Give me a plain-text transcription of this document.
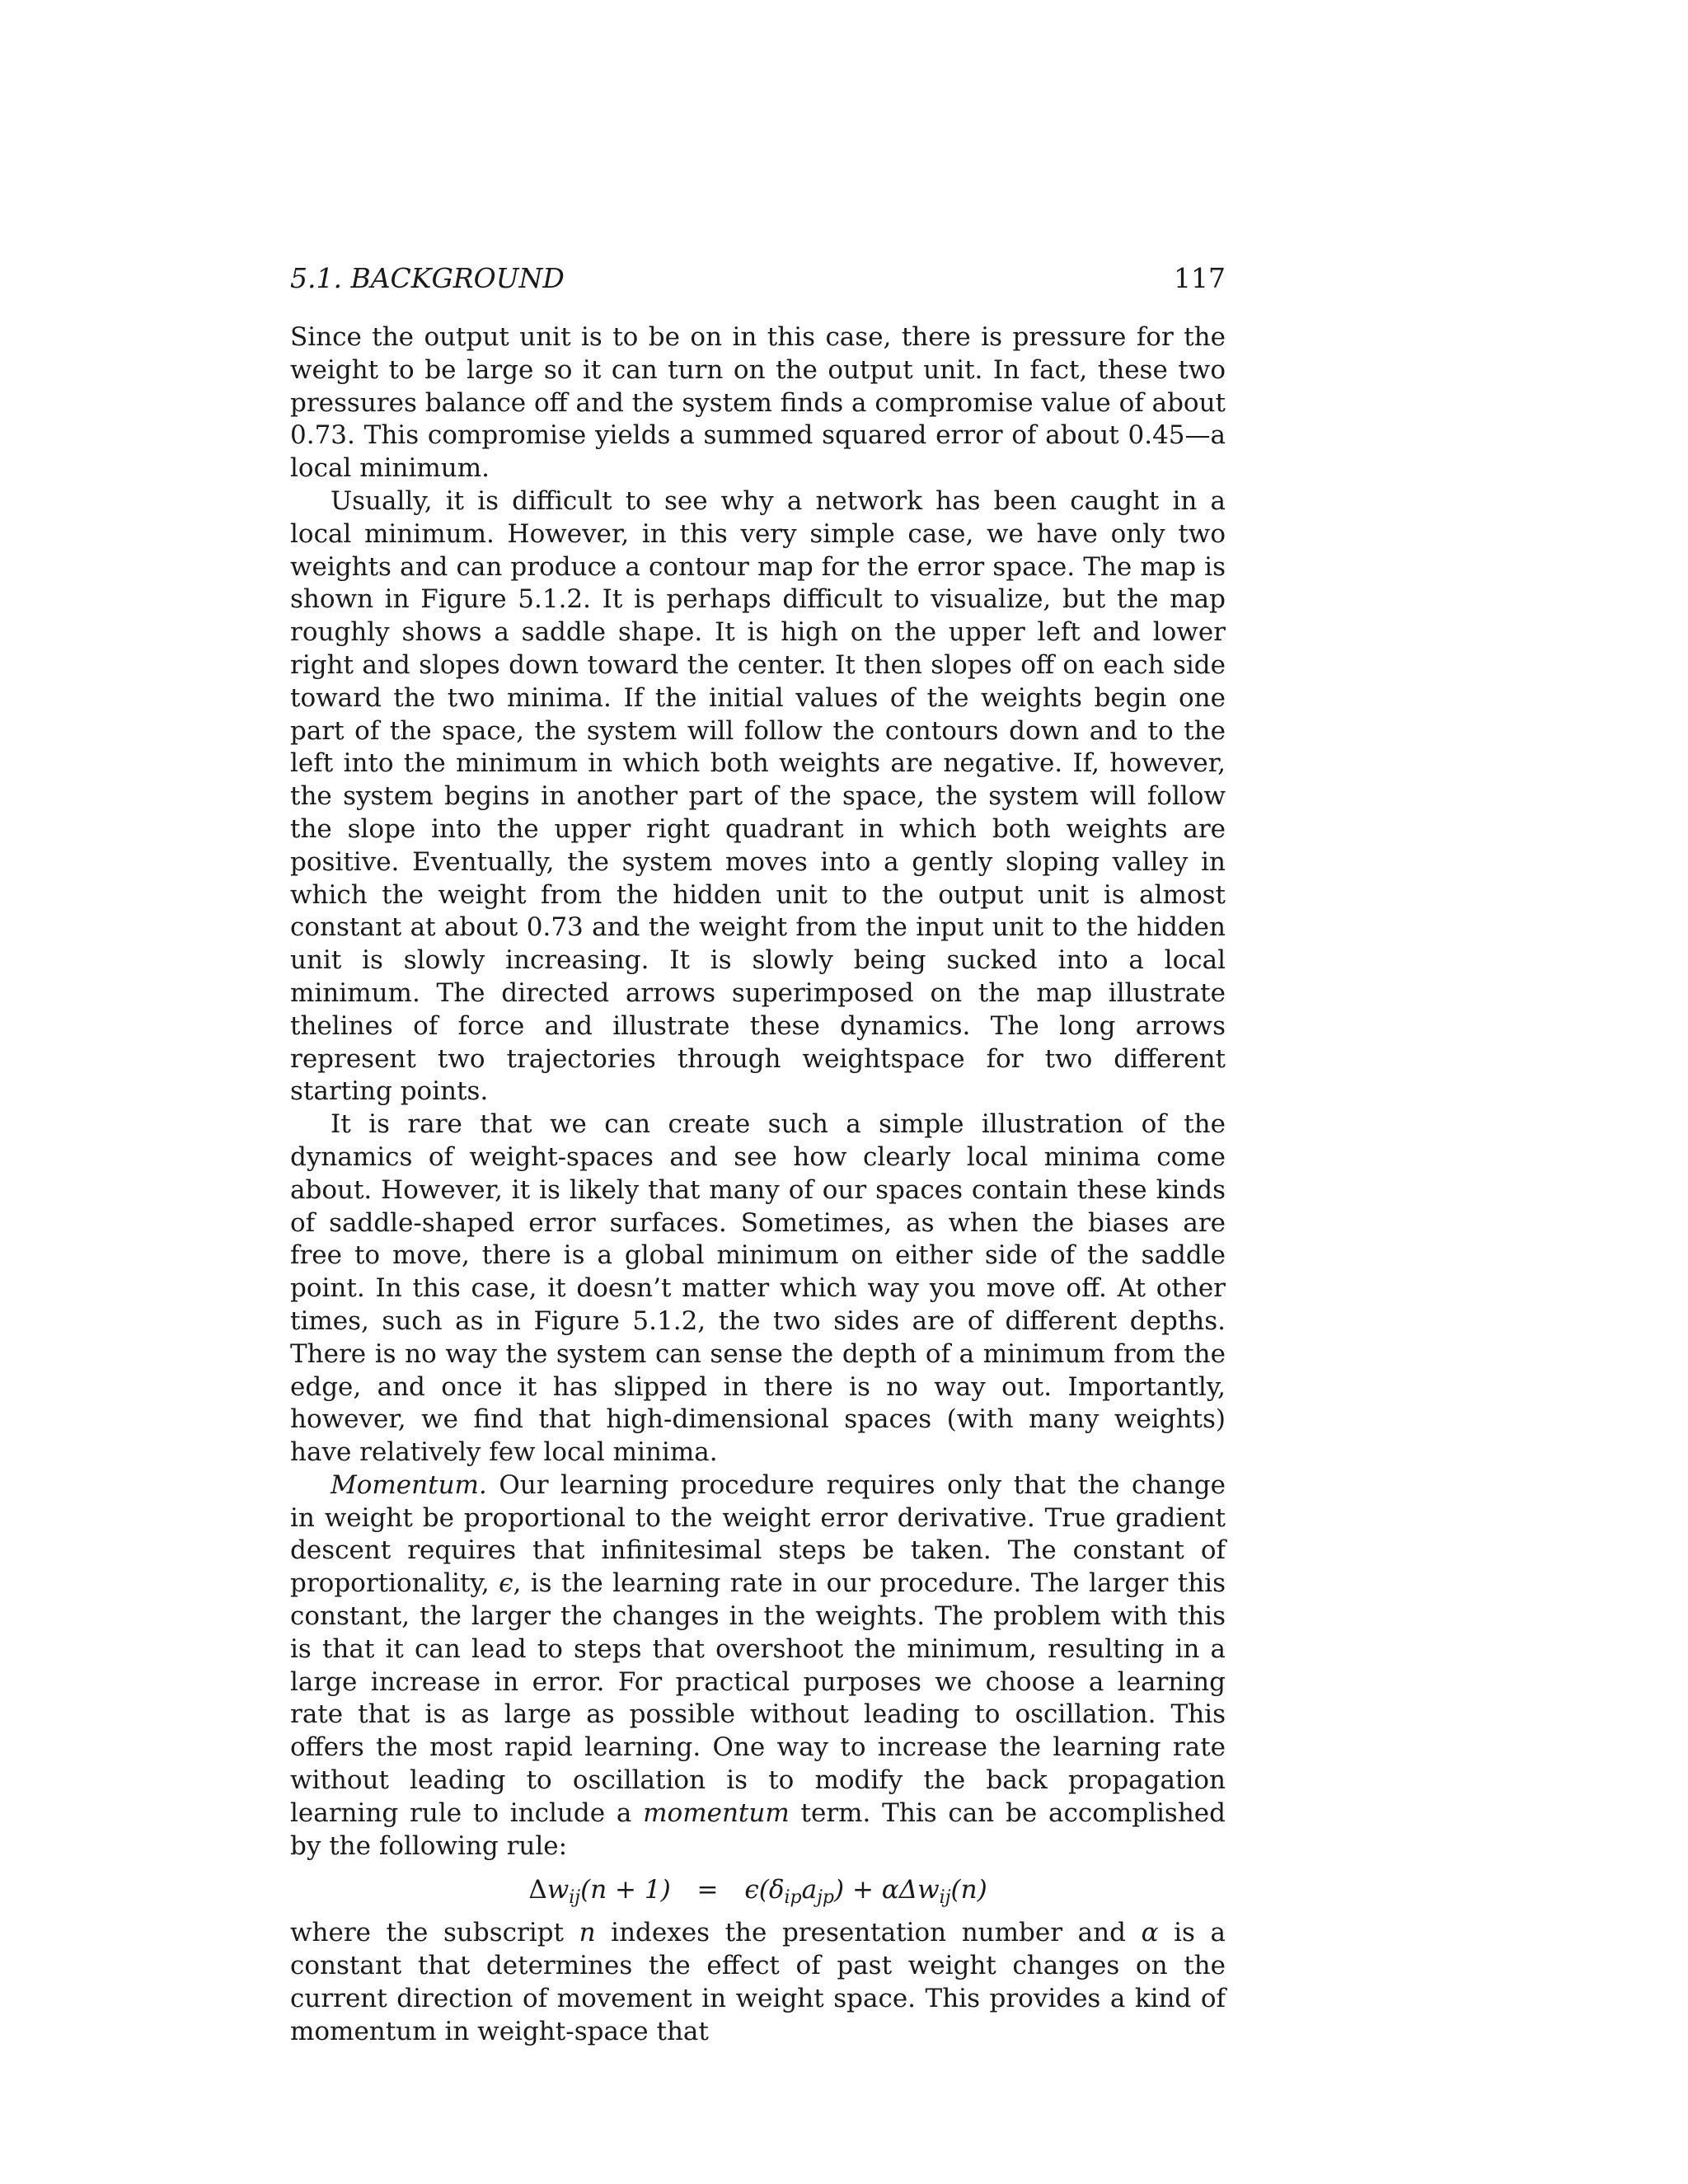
5.1. BACKGROUND	117

Since the output unit is to be on in this case, there is pressure for the weight to be large so it can turn on the output unit. In fact, these two pressures balance off and the system finds a compromise value of about 0.73. This compromise yields a summed squared error of about 0.45—a local minimum.

Usually, it is difficult to see why a network has been caught in a local minimum. However, in this very simple case, we have only two weights and can produce a contour map for the error space. The map is shown in Figure 5.1.2. It is perhaps difficult to visualize, but the map roughly shows a saddle shape. It is high on the upper left and lower right and slopes down toward the center. It then slopes off on each side toward the two minima. If the initial values of the weights begin one part of the space, the system will follow the contours down and to the left into the minimum in which both weights are negative. If, however, the system begins in another part of the space, the system will follow the slope into the upper right quadrant in which both weights are positive. Eventually, the system moves into a gently sloping valley in which the weight from the hidden unit to the output unit is almost constant at about 0.73 and the weight from the input unit to the hidden unit is slowly increasing. It is slowly being sucked into a local minimum. The directed arrows superimposed on the map illustrate thelines of force and illustrate these dynamics. The long arrows represent two trajectories through weightspace for two different starting points.

It is rare that we can create such a simple illustration of the dynamics of weight-spaces and see how clearly local minima come about. However, it is likely that many of our spaces contain these kinds of saddle-shaped error surfaces. Sometimes, as when the biases are free to move, there is a global minimum on either side of the saddle point. In this case, it doesn’t matter which way you move off. At other times, such as in Figure 5.1.2, the two sides are of different depths. There is no way the system can sense the depth of a minimum from the edge, and once it has slipped in there is no way out. Importantly, however, we find that high-dimensional spaces (with many weights) have relatively few local minima.

Momentum. Our learning procedure requires only that the change in weight be proportional to the weight error derivative. True gradient descent requires that infinitesimal steps be taken. The constant of proportionality, ϵ, is the learning rate in our procedure. The larger this constant, the larger the changes in the weights. The problem with this is that it can lead to steps that overshoot the minimum, resulting in a large increase in error. For practical purposes we choose a learning rate that is as large as possible without leading to oscillation. This offers the most rapid learning. One way to increase the learning rate without leading to oscillation is to modify the back propagation learning rule to include a momentum term. This can be accomplished by the following rule:

$\Delta w_{ij}(n + 1) = \epsilon(\delta_{ip}a_{jp}) + \alpha\Delta w_{ij}(n)$

where the subscript n indexes the presentation number and α is a constant that determines the effect of past weight changes on the current direction of movement in weight space. This provides a kind of momentum in weight-space that
